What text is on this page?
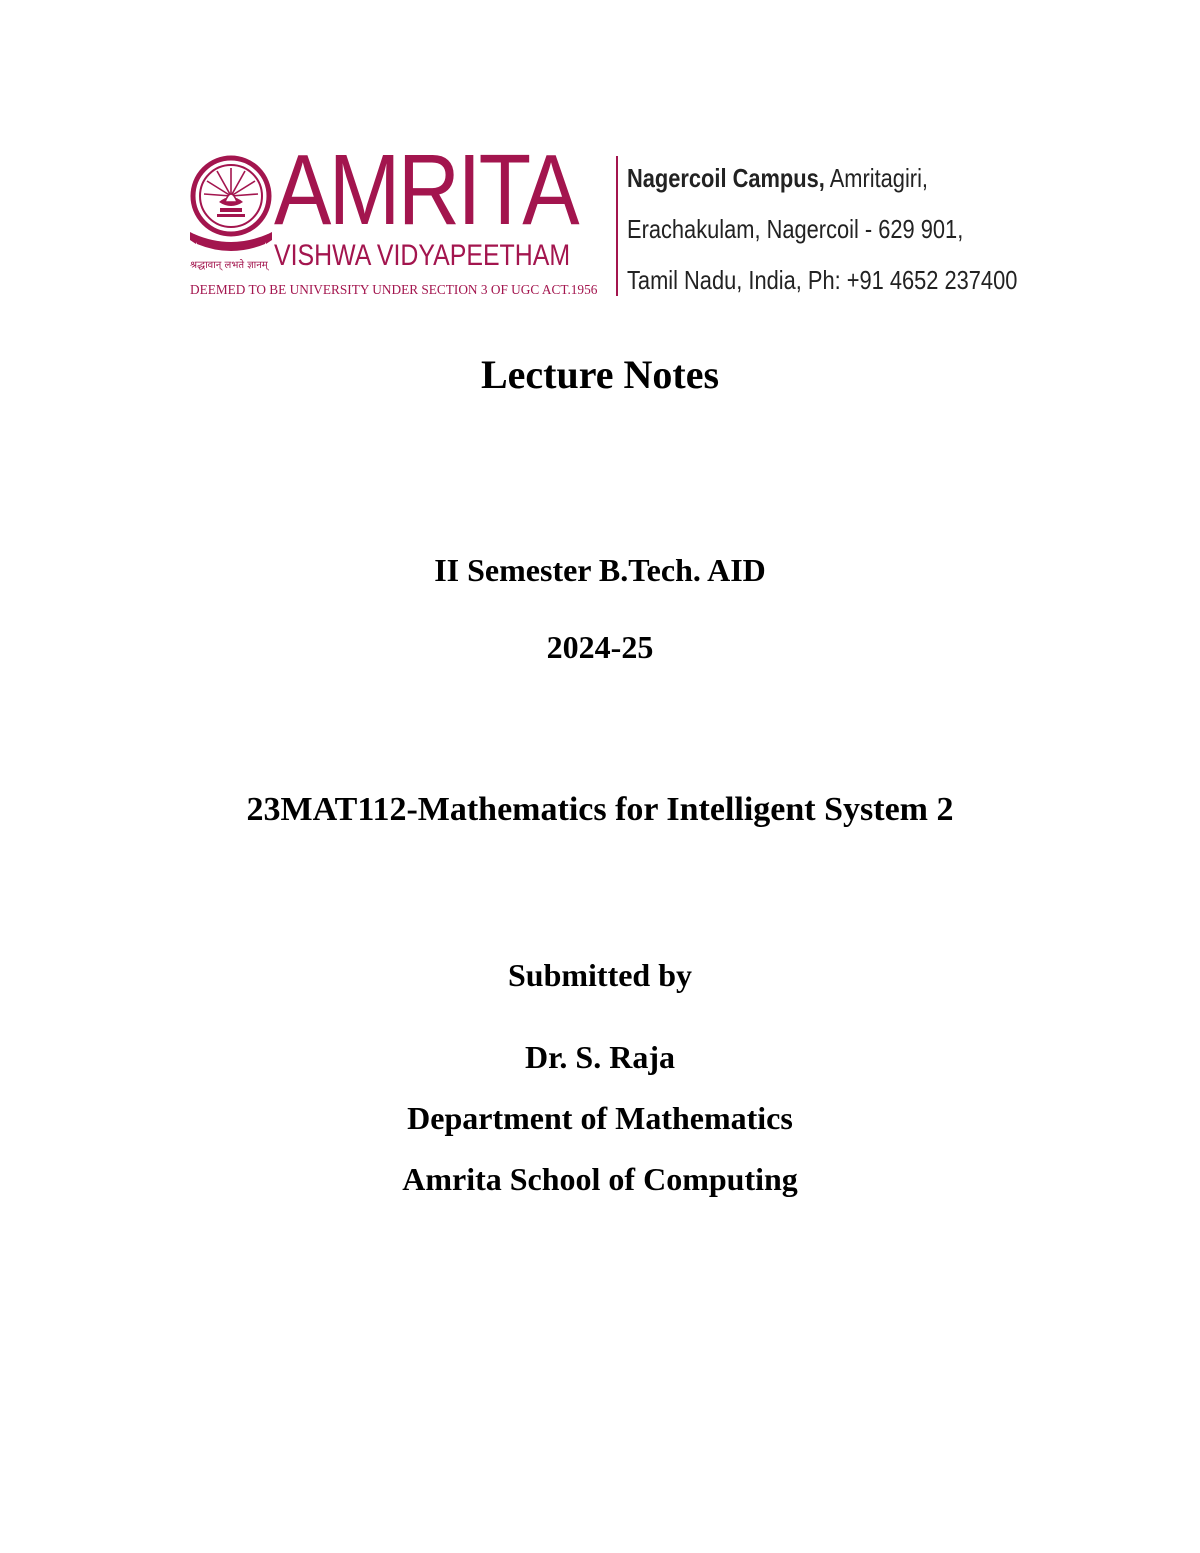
AMRITA
VISHWA VIDYAPEETHAM
श्रद्धावान् लभते ज्ञानम्
DEEMED TO BE UNIVERSITY UNDER SECTION 3 OF UGC ACT.1956
Nagercoil Campus, Amritagiri,
Erachakulam, Nagercoil - 629 901,
Tamil Nadu, India, Ph: +91 4652 237400
Lecture Notes
II Semester B.Tech. AID
2024-25
23MAT112-Mathematics for Intelligent System 2
Submitted by
Dr. S. Raja
Department of Mathematics
Amrita School of Computing
